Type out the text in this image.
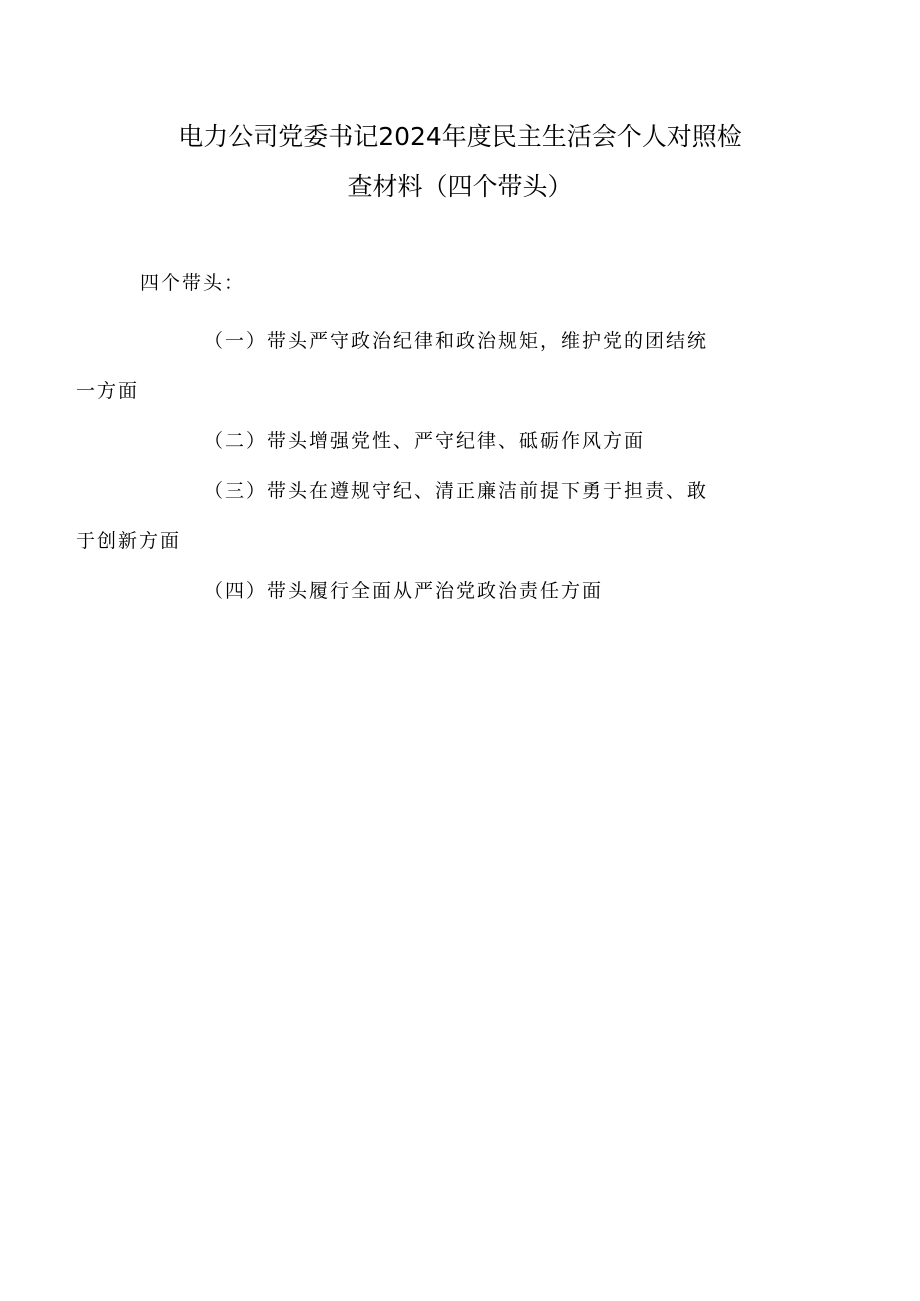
电力公司党委书记2024年度民主生活会个人对照检
查材料（四个带头）
四个带头：
（一）带头严守政治纪律和政治规矩，维护党的团结统
一方面
（二）带头增强党性、严守纪律、砥砺作风方面
（三）带头在遵规守纪、清正廉洁前提下勇于担责、敢
于创新方面
（四）带头履行全面从严治党政治责任方面
